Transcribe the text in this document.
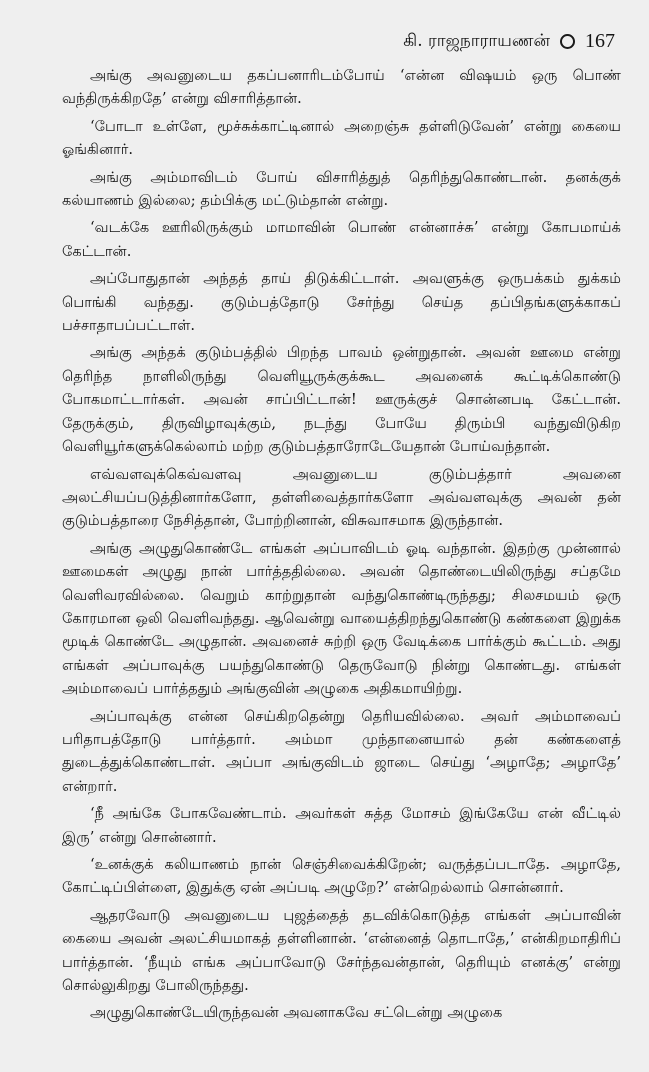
கி. ராஜநாராயணன் 167

அங்கு அவனுடைய தகப்பனாரிடம்போய் ‘என்ன விஷயம் ஒரு பொண் வந்திருக்கிறதே’ என்று விசாரித்தான்.

‘போடா உள்ளே, மூச்சுக்காட்டினால் அறைஞ்சு தள்ளிடுவேன்’ என்று கையை ஓங்கினார்.

அங்கு அம்மாவிடம் போய் விசாரித்துத் தெரிந்துகொண்டான். தனக்குக் கல்யாணம் இல்லை; தம்பிக்கு மட்டும்தான் என்று.

‘வடக்கே ஊரிலிருக்கும் மாமாவின் பொண் என்னாச்சு’ என்று கோபமாய்க் கேட்டான்.

அப்போதுதான் அந்தத் தாய் திடுக்கிட்டாள். அவளுக்கு ஒருபக்கம் துக்கம் பொங்கி வந்தது. குடும்பத்தோடு சேர்ந்து செய்த தப்பிதங்களுக்காகப் பச்சாதாபப்பட்டாள்.

அங்கு அந்தக் குடும்பத்தில் பிறந்த பாவம் ஒன்றுதான். அவன் ஊமை என்று தெரிந்த நாளிலிருந்து வெளியூருக்குக்கூட அவனைக் கூட்டிக்கொண்டு போகமாட்டார்கள். அவன் சாப்பிட்டான்! ஊருக்குச் சொன்னபடி கேட்டான். தேருக்கும், திருவிழாவுக்கும், நடந்து போயே திரும்பி வந்துவிடுகிற வெளியூர்களுக்கெல்லாம் மற்ற குடும்பத்தாரோடேயேதான் போய்வந்தான்.

எவ்வளவுக்கெவ்வளவு அவனுடைய குடும்பத்தார் அவனை அலட்சியப்படுத்தினார்களோ, தள்ளிவைத்தார்களோ அவ்வளவுக்கு அவன் தன் குடும்பத்தாரை நேசித்தான், போற்றினான், விசுவாசமாக இருந்தான்.

அங்கு அழுதுகொண்டே எங்கள் அப்பாவிடம் ஓடி வந்தான். இதற்கு முன்னால் ஊமைகள் அழுது நான் பார்த்ததில்லை. அவன் தொண்டையிலிருந்து சப்தமே வெளிவரவில்லை. வெறும் காற்றுதான் வந்துகொண்டிருந்தது; சிலசமயம் ஒரு கோரமான ஒலி வெளிவந்தது. ஆவென்று வாயைத்திறந்துகொண்டு கண்களை இறுக்க மூடிக் கொண்டே அழுதான். அவனைச் சுற்றி ஒரு வேடிக்கை பார்க்கும் கூட்டம். அது எங்கள் அப்பாவுக்கு பயந்துகொண்டு தெருவோடு நின்று கொண்டது. எங்கள் அம்மாவைப் பார்த்ததும் அங்குவின் அழுகை அதிகமாயிற்று.

அப்பாவுக்கு என்ன செய்கிறதென்று தெரியவில்லை. அவர் அம்மாவைப் பரிதாபத்தோடு பார்த்தார். அம்மா முந்தானையால் தன் கண்களைத் துடைத்துக்கொண்டாள். அப்பா அங்குவிடம் ஜாடை செய்து ‘அழாதே; அழாதே’ என்றார்.

‘நீ அங்கே போகவேண்டாம். அவர்கள் சுத்த மோசம் இங்கேயே என் வீட்டில் இரு’ என்று சொன்னார்.

‘உனக்குக் கலியாணம் நான் செஞ்சிவைக்கிறேன்; வருத்தப்படாதே. அழாதே, கோட்டிப்பிள்ளை, இதுக்கு ஏன் அப்படி அழுறே?’ என்றெல்லாம் சொன்னார்.

ஆதரவோடு அவனுடைய புஜத்தைத் தடவிக்கொடுத்த எங்கள் அப்பாவின் கையை அவன் அலட்சியமாகத் தள்ளினான். ‘என்னைத் தொடாதே,’ என்கிறமாதிரிப் பார்த்தான். ‘நீயும் எங்க அப்பாவோடு சேர்ந்தவன்தான், தெரியும் எனக்கு’ என்று சொல்லுகிறது போலிருந்தது.

அழுதுகொண்டேயிருந்தவன் அவனாகவே சட்டென்று அழுகை
